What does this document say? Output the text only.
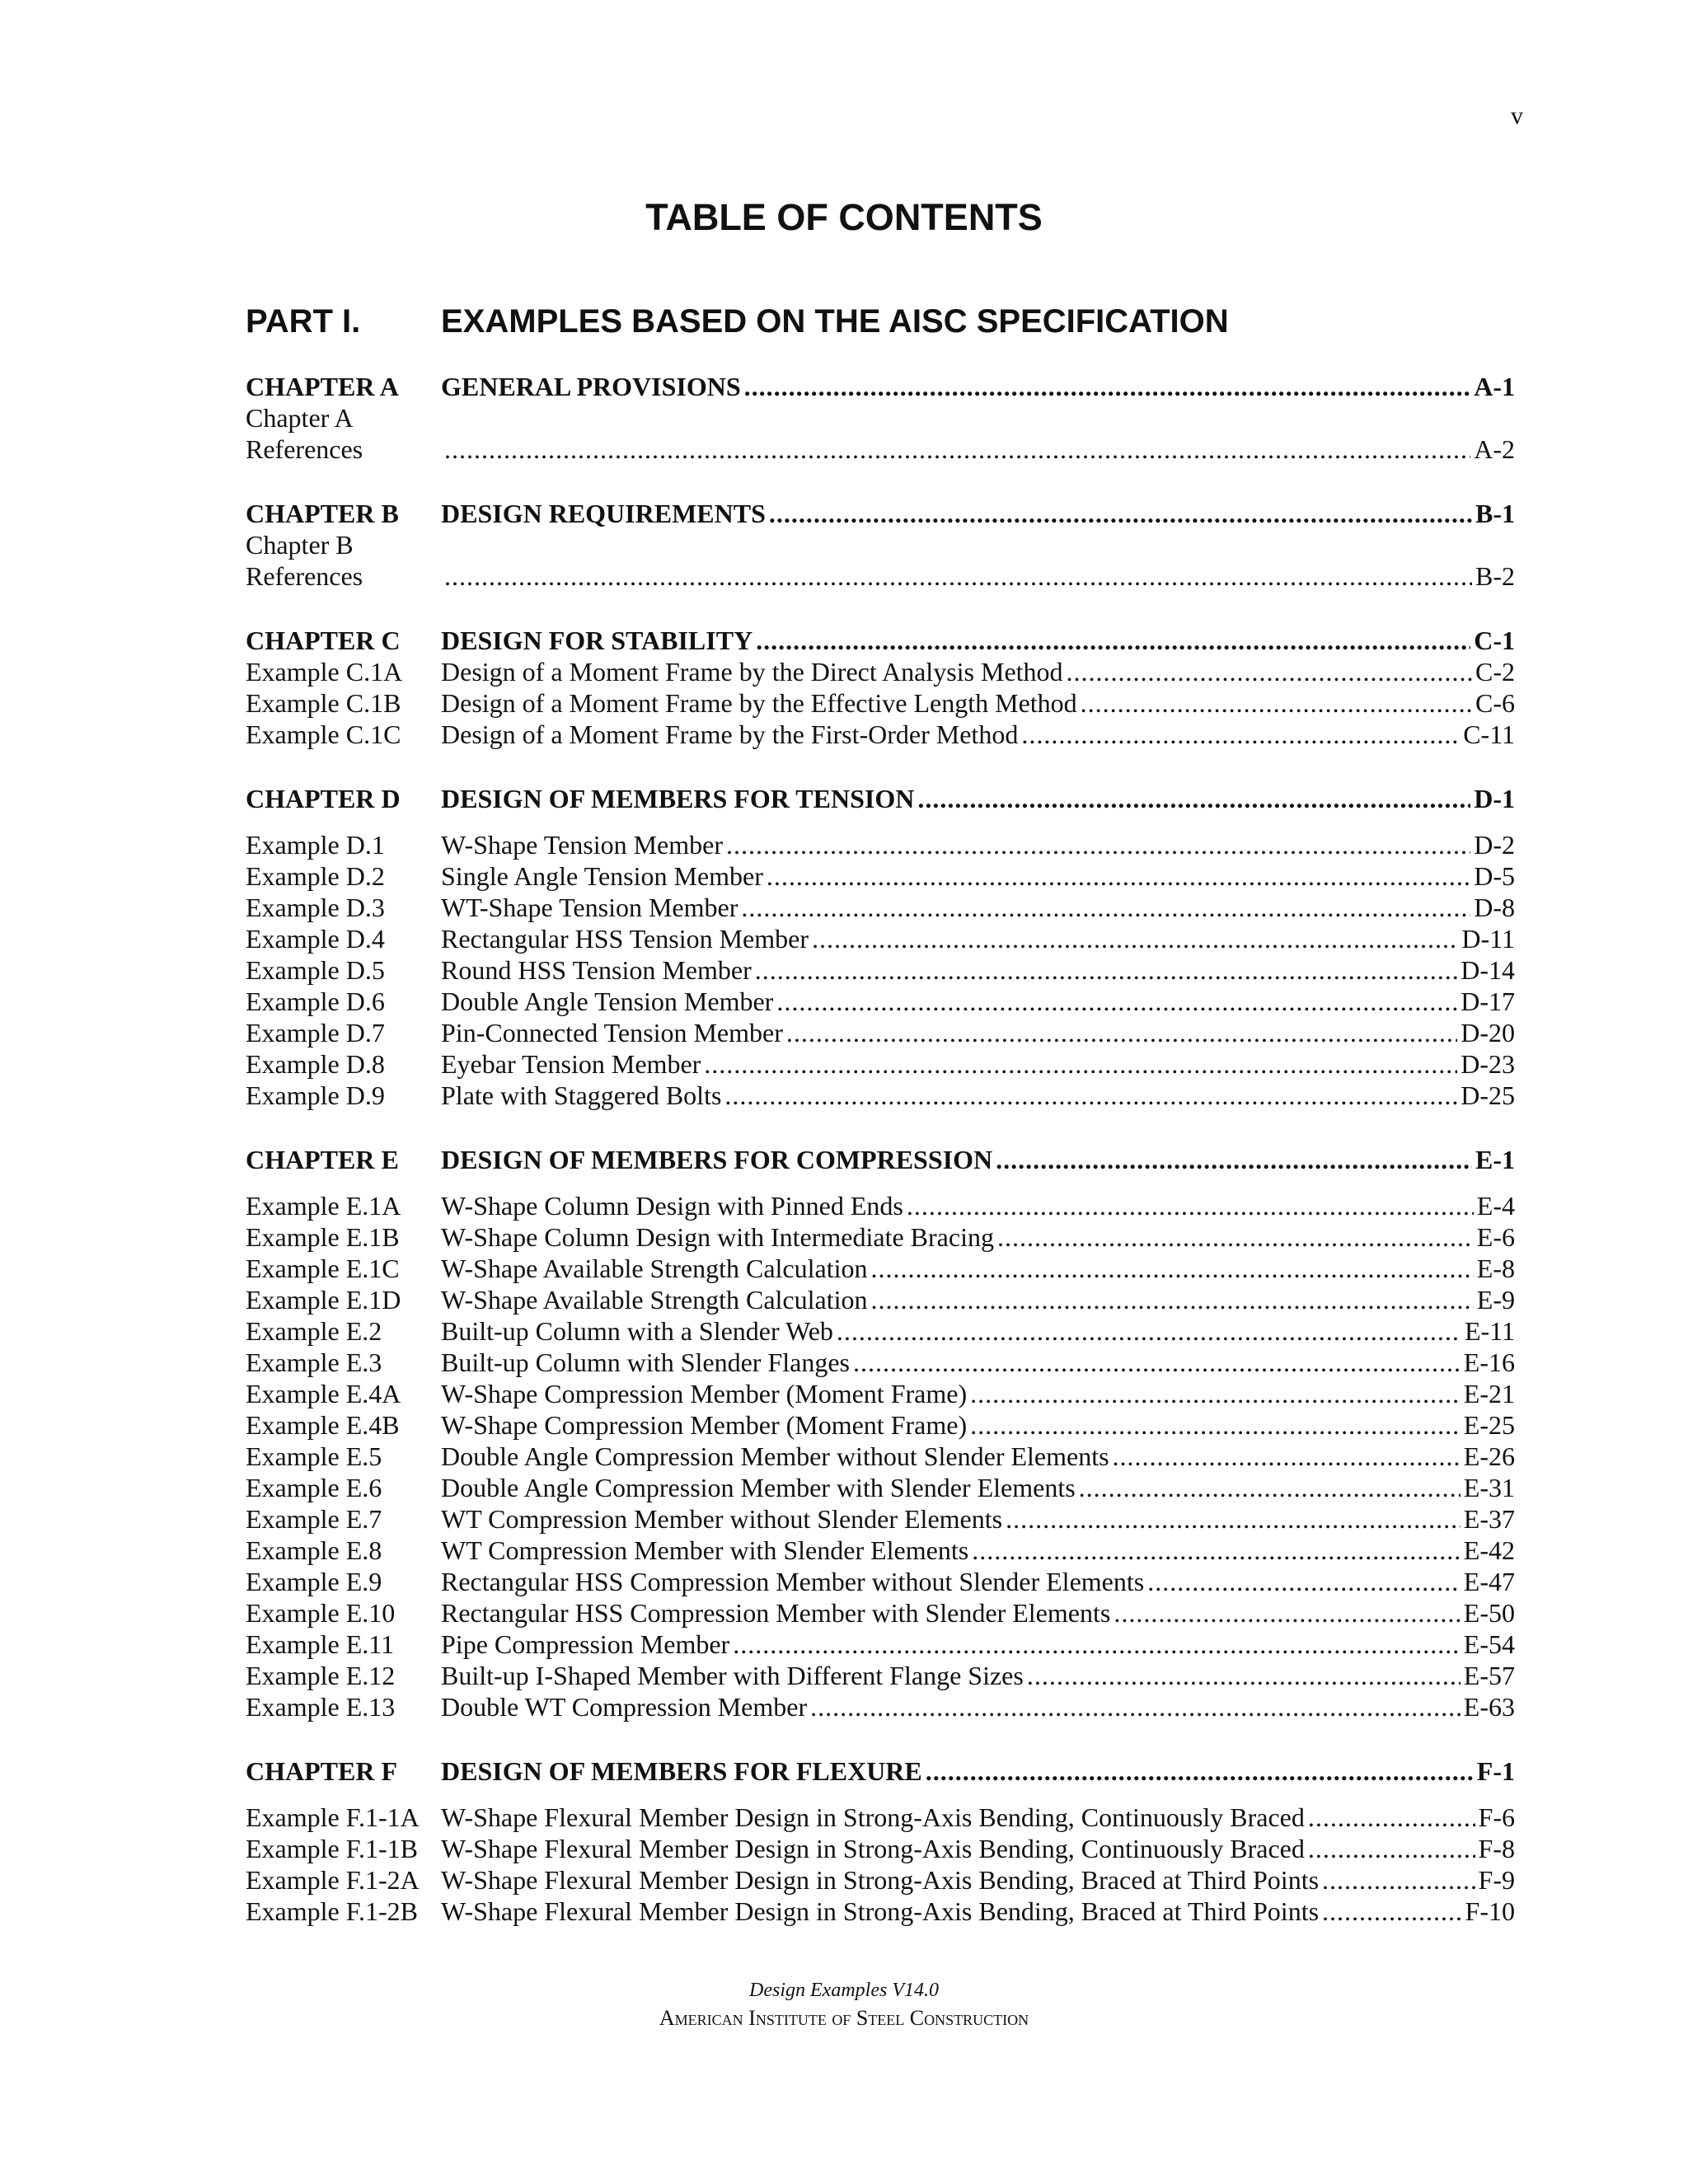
v
TABLE OF CONTENTS
PART I. EXAMPLES BASED ON THE AISC SPECIFICATION
CHAPTER A GENERAL PROVISIONS .....	A-1
Chapter A
References .....	A-2
CHAPTER B DESIGN REQUIREMENTS .....	B-1
Chapter B
References .....	B-2
CHAPTER C DESIGN FOR STABILITY .....	C-1
Example C.1A Design of a Moment Frame by the Direct Analysis Method .....	C-2
Example C.1B Design of a Moment Frame by the Effective Length Method .....	C-6
Example C.1C Design of a Moment Frame by the First-Order Method .....	C-11
CHAPTER D DESIGN OF MEMBERS FOR TENSION .....	D-1
Example D.1 W-Shape Tension Member .....	D-2
Example D.2 Single Angle Tension Member .....	D-5
Example D.3 WT-Shape Tension Member .....	D-8
Example D.4 Rectangular HSS Tension Member .....	D-11
Example D.5 Round HSS Tension Member .....	D-14
Example D.6 Double Angle Tension Member .....	D-17
Example D.7 Pin-Connected Tension Member .....	D-20
Example D.8 Eyebar Tension Member .....	D-23
Example D.9 Plate with Staggered Bolts .....	D-25
CHAPTER E DESIGN OF MEMBERS FOR COMPRESSION .....	E-1
Example E.1A W-Shape Column Design with Pinned Ends .....	E-4
Example E.1B W-Shape Column Design with Intermediate Bracing .....	E-6
Example E.1C W-Shape Available Strength Calculation .....	E-8
Example E.1D W-Shape Available Strength Calculation .....	E-9
Example E.2 Built-up Column with a Slender Web .....	E-11
Example E.3 Built-up Column with Slender Flanges .....	E-16
Example E.4A W-Shape Compression Member (Moment Frame) .....	E-21
Example E.4B W-Shape Compression Member (Moment Frame) .....	E-25
Example E.5 Double Angle Compression Member without Slender Elements .....	E-26
Example E.6 Double Angle Compression Member with Slender Elements .....	E-31
Example E.7 WT Compression Member without Slender Elements .....	E-37
Example E.8 WT Compression Member with Slender Elements .....	E-42
Example E.9 Rectangular HSS Compression Member without Slender Elements .....	E-47
Example E.10 Rectangular HSS Compression Member with Slender Elements .....	E-50
Example E.11 Pipe Compression Member .....	E-54
Example E.12 Built-up I-Shaped Member with Different Flange Sizes .....	E-57
Example E.13 Double WT Compression Member .....	E-63
CHAPTER F DESIGN OF MEMBERS FOR FLEXURE .....	F-1
Example F.1-1A W-Shape Flexural Member Design in Strong-Axis Bending, Continuously Braced .....	F-6
Example F.1-1B W-Shape Flexural Member Design in Strong-Axis Bending, Continuously Braced .....	F-8
Example F.1-2A W-Shape Flexural Member Design in Strong-Axis Bending, Braced at Third Points .....	F-9
Example F.1-2B W-Shape Flexural Member Design in Strong-Axis Bending, Braced at Third Points .....	F-10
Design Examples V14.0
American Institute of Steel Construction
